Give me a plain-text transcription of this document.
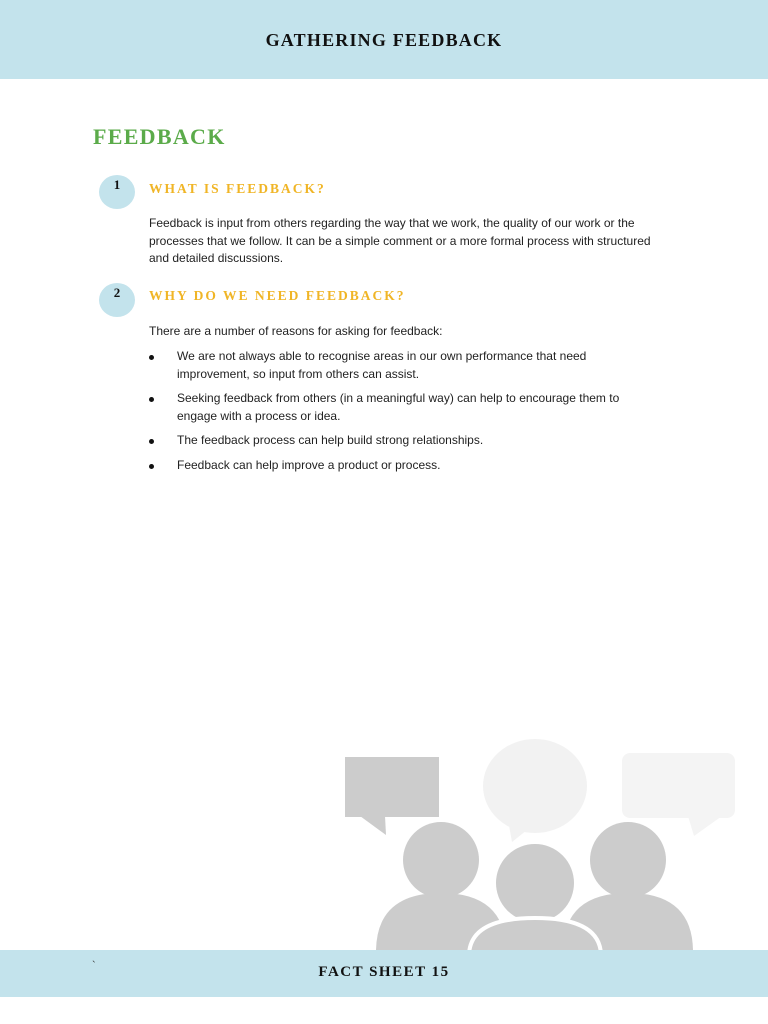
GATHERING FEEDBACK
FEEDBACK
1	WHAT IS FEEDBACK?
Feedback is input from others regarding the way that we work, the quality of our work or the processes that we follow. It can be a simple comment or a more formal process with structured and detailed discussions.
2	WHY DO WE NEED FEEDBACK?
There are a number of reasons for asking for feedback:
We are not always able to recognise areas in our own performance that need improvement, so input from others can assist.
Seeking feedback from others (in a meaningful way) can help to encourage them to engage with a process or idea.
The feedback process can help build strong relationships.
Feedback can help improve a product or process.
`	FACT SHEET 15
